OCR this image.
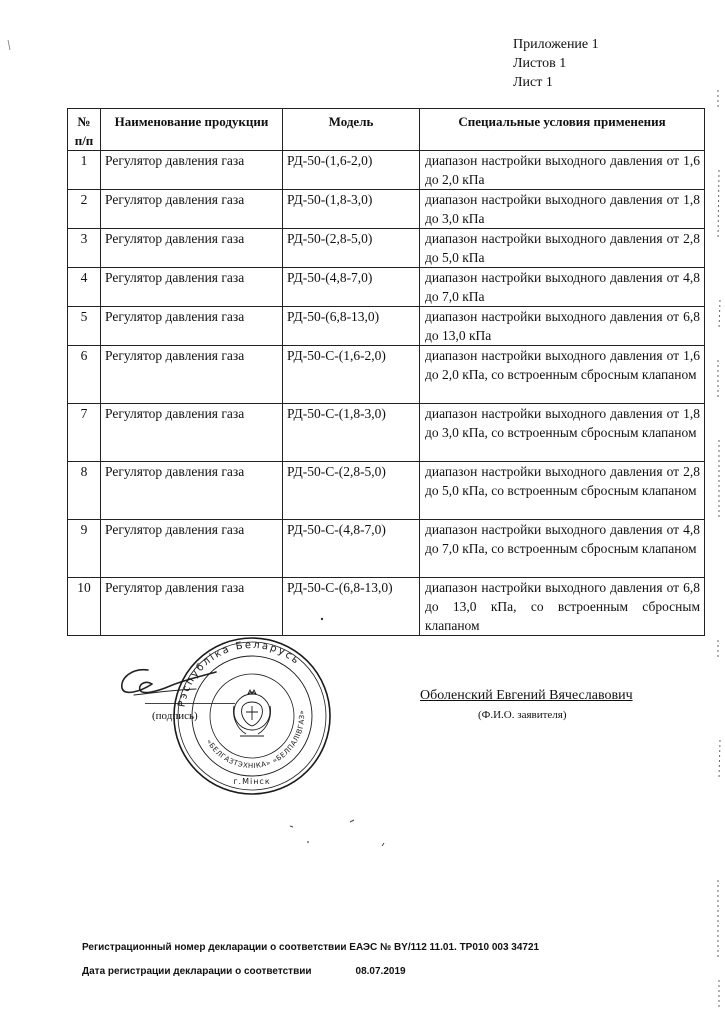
Приложение 1
Листов 1
Лист 1
№ п/п	Наименование продукции	Модель	Специальные условия применения
1	Регулятор давления газа	РД-50-(1,6-2,0)	диапазон настройки выходного давления от 1,6 до 2,0 кПа
2	Регулятор давления газа	РД-50-(1,8-3,0)	диапазон настройки выходного давления от 1,8 до 3,0 кПа
3	Регулятор давления газа	РД-50-(2,8-5,0)	диапазон настройки выходного давления от 2,8 до 5,0 кПа
4	Регулятор давления газа	РД-50-(4,8-7,0)	диапазон настройки выходного давления от 4,8 до 7,0 кПа
5	Регулятор давления газа	РД-50-(6,8-13,0)	диапазон настройки выходного давления от 6,8 до 13,0 кПа
6	Регулятор давления газа	РД-50-С-(1,6-2,0)	диапазон настройки выходного давления от 1,6 до 2,0 кПа, со встроенным сбросным клапаном
7	Регулятор давления газа	РД-50-С-(1,8-3,0)	диапазон настройки выходного давления от 1,8 до 3,0 кПа, со встроенным сбросным клапаном
8	Регулятор давления газа	РД-50-С-(2,8-5,0)	диапазон настройки выходного давления от 2,8 до 5,0 кПа, со встроенным сбросным клапаном
9	Регулятор давления газа	РД-50-С-(4,8-7,0)	диапазон настройки выходного давления от 4,8 до 7,0 кПа, со встроенным сбросным клапаном
10	Регулятор давления газа	РД-50-С-(6,8-13,0)	диапазон настройки выходного давления от 6,8 до 13,0 кПа, со встроенным сбросным клапаном
(подпись)
Рэспубліка Беларусь
«БЕЛГАЗТЭХНІКА» «БЕЛПАЛІВГАЗ»
г.Мінск
Оболенский Евгений Вячеславович
(Ф.И.О. заявителя)
Регистрационный номер декларации о соответствии ЕАЭС № BY/112 11.01. ТР010 003 34721
Дата регистрации декларации о соответствии	08.07.2019
